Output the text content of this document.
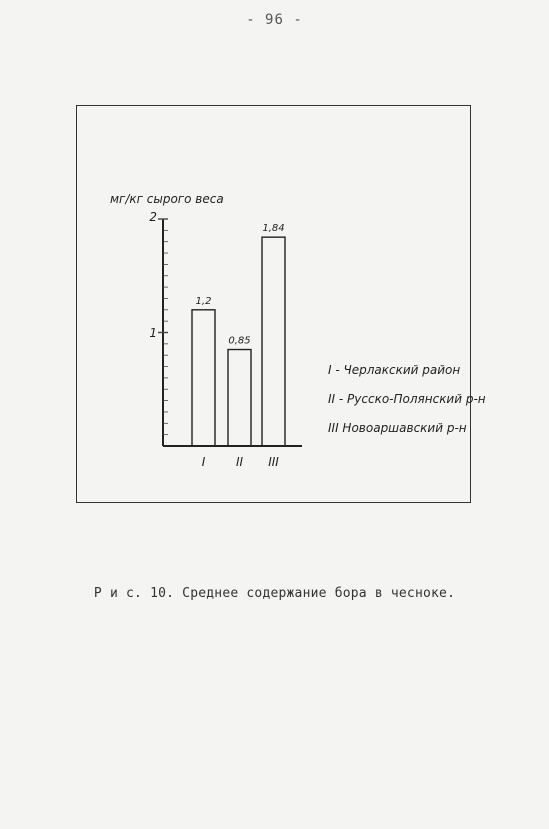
- 96 -
мг/кг сырого веса
1
2
1,2
I
0,85
II
1,84
III
I - Черлакский район
II - Русско-Полянский р-н
III Новоаршавский р-н
Р и с. 10. Среднее содержание бора в чесноке.
